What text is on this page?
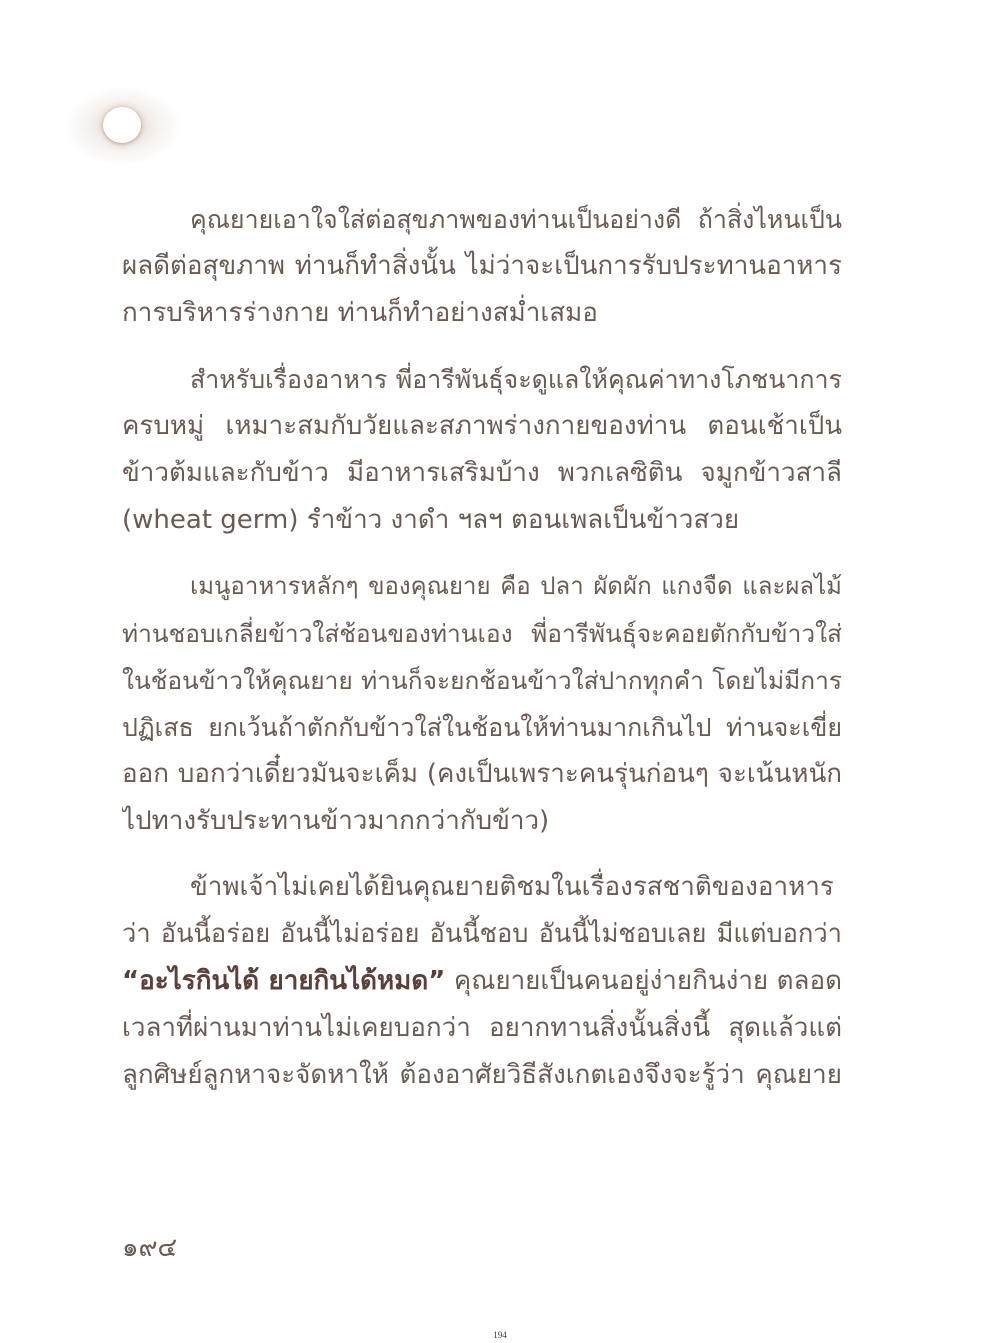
คุณยายเอาใจใส่ต่อสุขภาพของท่านเป็นอย่างดี ถ้าสิ่งไหนเป็น
ผลดีต่อสุขภาพ ท่านก็ทำสิ่งนั้น ไม่ว่าจะเป็นการรับประทานอาหาร
การบริหารร่างกาย ท่านก็ทำอย่างสม่ำเสมอ
สำหรับเรื่องอาหาร พี่อารีพันธุ์จะดูแลให้คุณค่าทางโภชนาการ
ครบหมู่ เหมาะสมกับวัยและสภาพร่างกายของท่าน ตอนเช้าเป็น
ข้าวต้มและกับข้าว มีอาหารเสริมบ้าง พวกเลซิติน จมูกข้าวสาลี
(wheat germ) รำข้าว งาดำ ฯลฯ ตอนเพลเป็นข้าวสวย
เมนูอาหารหลักๆ ของคุณยาย คือ ปลา ผัดผัก แกงจืด และผลไม้
ท่านชอบเกลี่ยข้าวใส่ช้อนของท่านเอง พี่อารีพันธุ์จะคอยตักกับข้าวใส่
ในช้อนข้าวให้คุณยาย ท่านก็จะยกช้อนข้าวใส่ปากทุกคำ โดยไม่มีการ
ปฏิเสธ ยกเว้นถ้าตักกับข้าวใส่ในช้อนให้ท่านมากเกินไป ท่านจะเขี่ย
ออก บอกว่าเดี๋ยวมันจะเค็ม (คงเป็นเพราะคนรุ่นก่อนๆ จะเน้นหนัก
ไปทางรับประทานข้าวมากกว่ากับข้าว)
ข้าพเจ้าไม่เคยได้ยินคุณยายติชมในเรื่องรสชาติของอาหาร
ว่า อันนี้อร่อย อันนี้ไม่อร่อย อันนี้ชอบ อันนี้ไม่ชอบเลย มีแต่บอกว่า
“อะไรกินได้ ยายกินได้หมด” คุณยายเป็นคนอยู่ง่ายกินง่าย ตลอด
เวลาที่ผ่านมาท่านไม่เคยบอกว่า อยากทานสิ่งนั้นสิ่งนี้ สุดแล้วแต่
ลูกศิษย์ลูกหาจะจัดหาให้ ต้องอาศัยวิธีสังเกตเองจึงจะรู้ว่า คุณยาย
๑๙๔
194
